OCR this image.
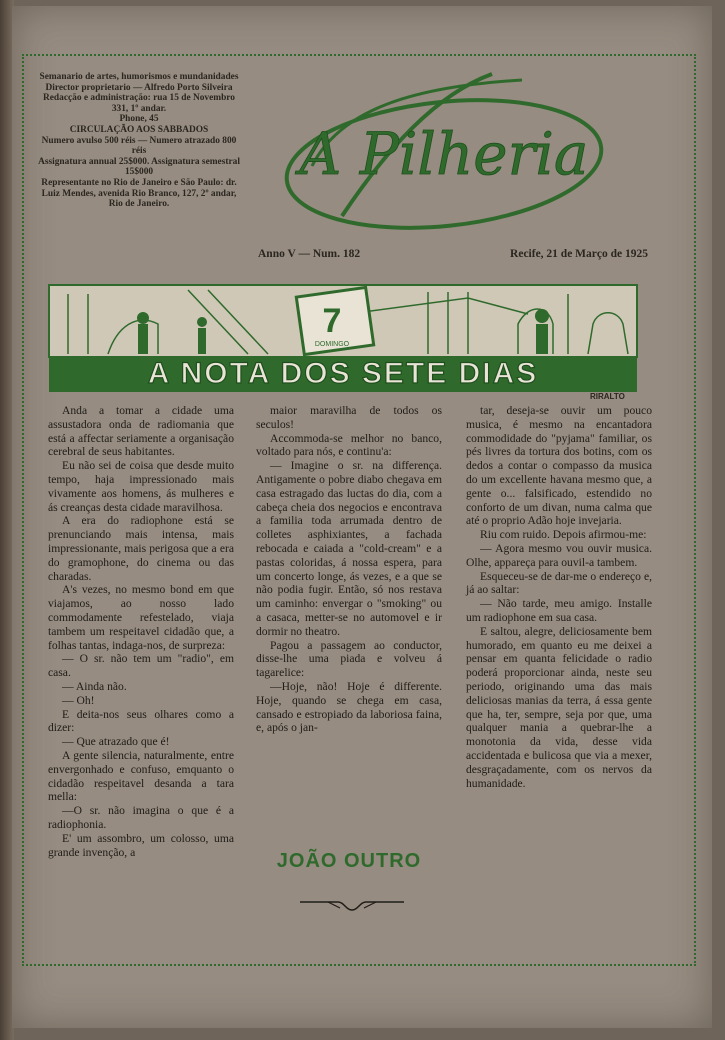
Semanario de artes, humorismos e mundanidades
Director proprietario — Alfredo Porto Silveira
Redacção e administração: rua 15 de Novembro 331, 1º andar.
Phone, 45
CIRCULAÇÃO AOS SABBADOS
Numero avulso 500 réis — Numero atrazado 800 réis
Assignatura annual 25$000. Assignatura semestral 15$000
Representante no Rio de Janeiro e São Paulo: dr. Luiz Mendes, avenida Rio Branco, 127, 2º andar, Rio de Janeiro.
A Pilheria
Anno V — Num. 182	Recife, 21 de Março de 1925
7
DOMINGO
A NOTA DOS SETE DIAS
RIRALTO

Anda a tomar a cidade uma assustadora onda de radiomania que está a affectar seriamente a organisação cerebral de seus habitantes.

Eu não sei de coisa que desde muito tempo, haja impressionado mais vivamente aos homens, ás mulheres e ás creanças desta cidade maravilhosa.

A era do radiophone está se prenunciando mais intensa, mais impressionante, mais perigosa que a era do gramophone, do cinema ou das charadas.

A's vezes, no mesmo bond em que viajamos, ao nosso lado commodamente refestelado, viaja tambem um respeitavel cidadão que, a folhas tantas, indaga-nos, de surpreza:

— O sr. não tem um "radio", em casa.

— Ainda não.

— Oh!

E deita-nos seus olhares como a dizer:

— Que atrazado que é!

A gente silencia, naturalmente, entre envergonhado e confuso, emquanto o cidadão respeitavel desanda a tara mella:

—O sr. não imagina o que é a radiophonia.

E' um assombro, um colosso, uma grande invenção, a

maior maravilha de todos os seculos!

Accommoda-se melhor no banco, voltado para nós, e continu'a:

— Imagine o sr. na differença. Antigamente o pobre diabo chegava em casa estragado das luctas do dia, com a cabeça cheia dos negocios e encontrava a familia toda arrumada dentro de colletes asphixiantes, a fachada rebocada e caiada a "cold-cream" e a pastas coloridas, á nossa espera, para um concerto longe, ás vezes, e a que se não podia fugir. Então, só nos restava um caminho: envergar o "smoking" ou a casaca, metter-se no automovel e ir dormir no theatro.

Pagou a passagem ao conductor, disse-lhe uma piada e volveu á tagarelice:

—Hoje, não! Hoje é differente. Hoje, quando se chega em casa, cansado e estropiado da laboriosa faina, e, após o jan-

JOÃO OUTRO

tar, deseja-se ouvir um pouco musica, é mesmo na encantadora commodidade do "pyjama" familiar, os pés livres da tortura dos botins, com os dedos a contar o compasso da musica do um excellente havana mesmo que, a gente o... falsificado, estendido no conforto de um divan, numa calma que até o proprio Adão hoje invejaria.

Riu com ruido. Depois afirmou-me:

— Agora mesmo vou ouvir musica. Olhe, appareça para ouvil-a tambem.

Esqueceu-se de dar-me o endereço e, já ao saltar:

— Não tarde, meu amigo. Installe um radiophone em sua casa.

E saltou, alegre, deliciosamente bem humorado, em quanto eu me deixei a pensar em quanta felicidade o radio poderá proporcionar ainda, neste seu periodo, originando uma das mais deliciosas manias da terra, á essa gente que ha, ter, sempre, seja por que, uma qualquer mania a quebrar-lhe a monotonia da vida, desse vida accidentada e bulicosa que via a mexer, desgraçadamente, com os nervos da humanidade.
